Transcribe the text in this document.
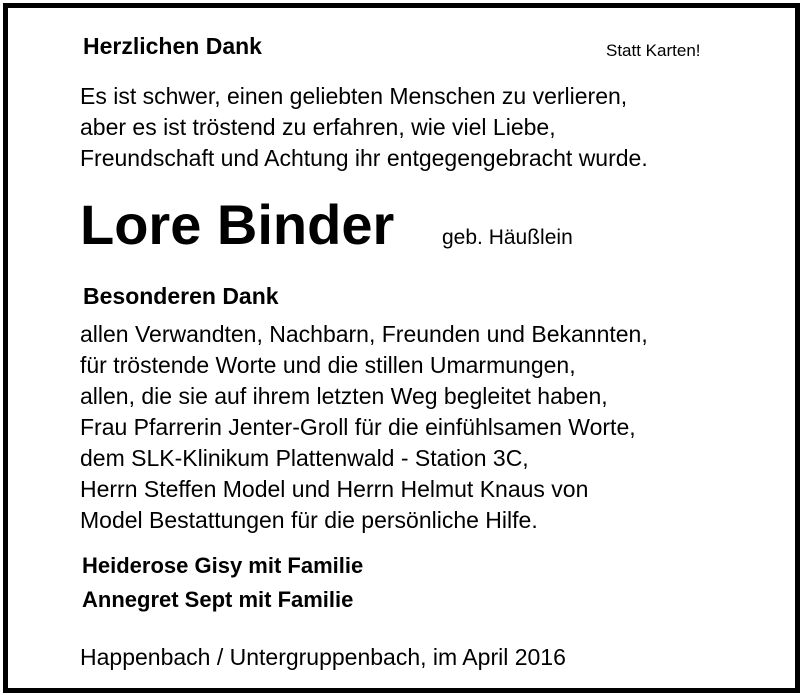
Herzlichen Dank	Statt Karten!
Es ist schwer, einen geliebten Menschen zu verlieren,
aber es ist tröstend zu erfahren, wie viel Liebe,
Freundschaft und Achtung ihr entgegengebracht wurde.
Lore Binder geb. Häußlein
Besonderen Dank
allen Verwandten, Nachbarn, Freunden und Bekannten,
für tröstende Worte und die stillen Umarmungen,
allen, die sie auf ihrem letzten Weg begleitet haben,
Frau Pfarrerin Jenter-Groll für die einfühlsamen Worte,
dem SLK-Klinikum Plattenwald - Station 3C,
Herrn Steffen Model und Herrn Helmut Knaus von
Model Bestattungen für die persönliche Hilfe.
Heiderose Gisy mit Familie
Annegret Sept mit Familie
Happenbach / Untergruppenbach, im April 2016
